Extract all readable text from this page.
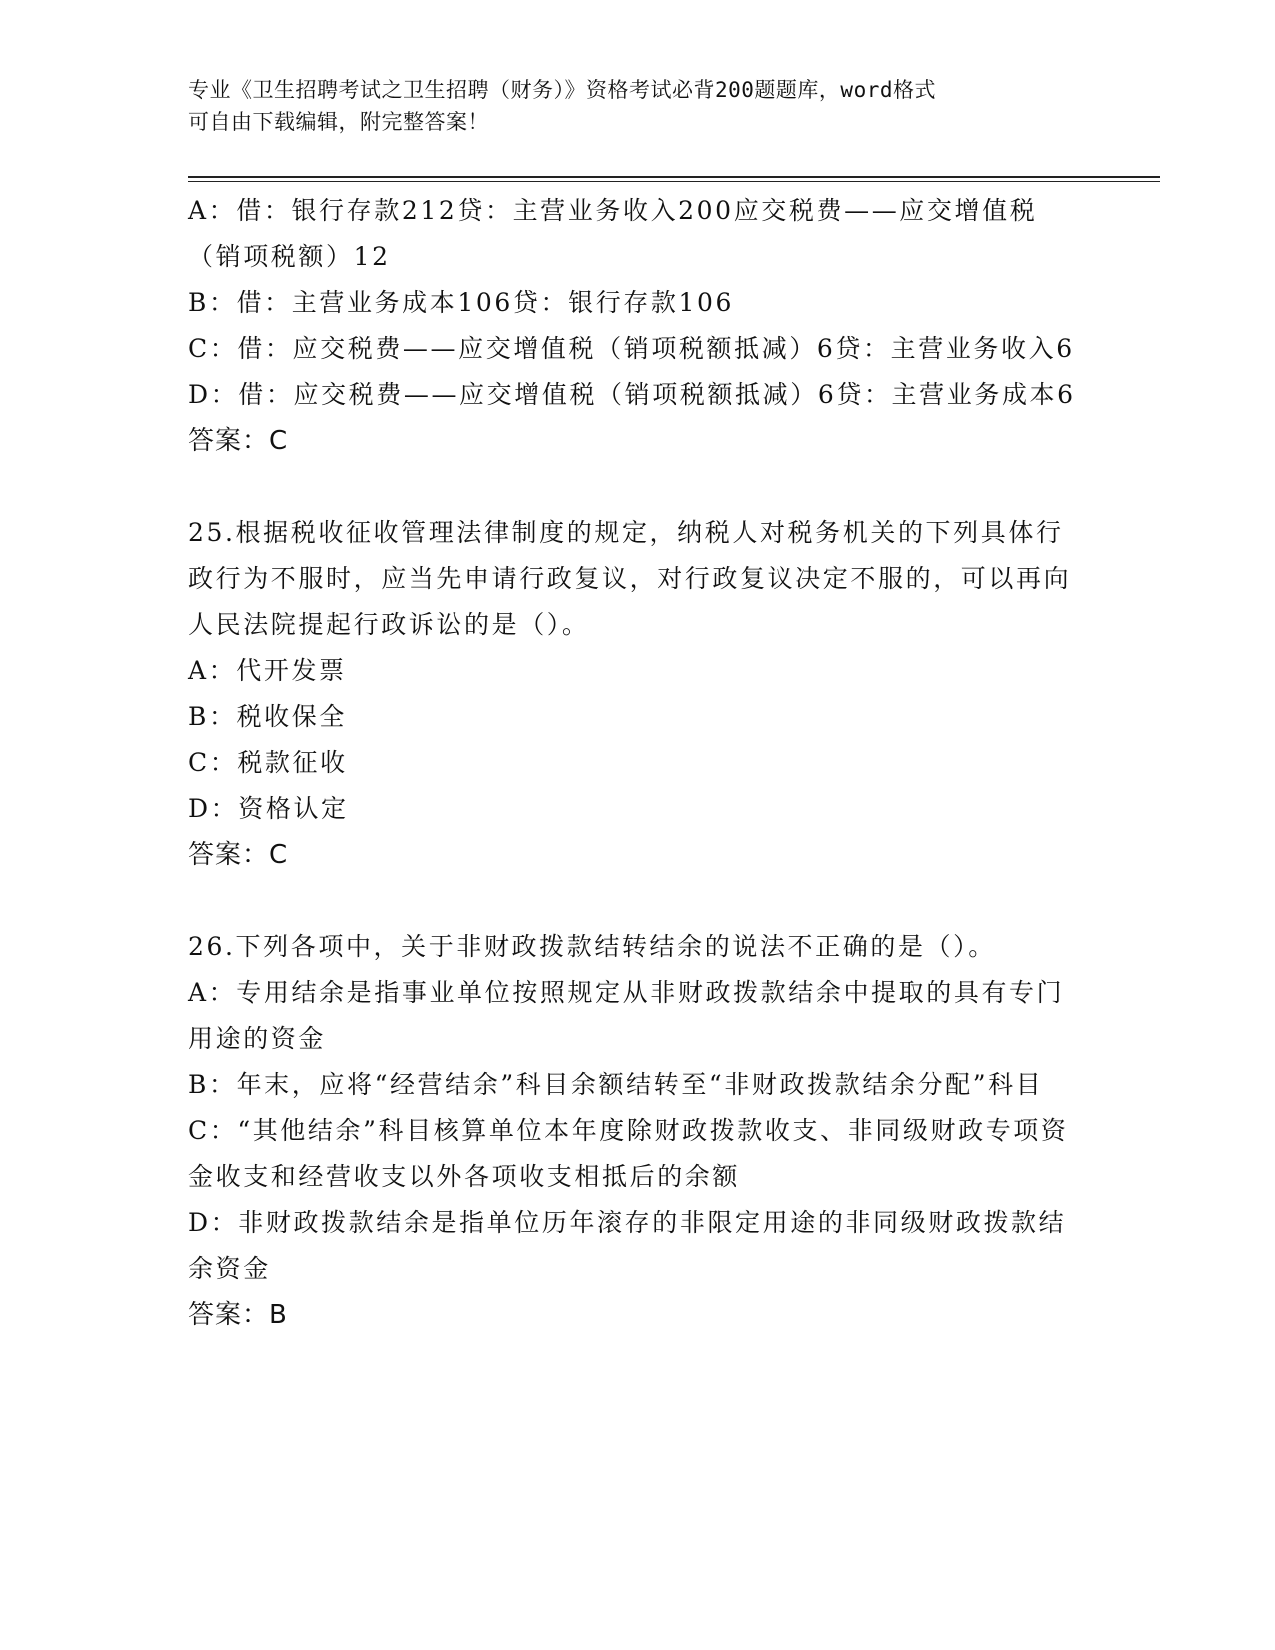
专业《卫生招聘考试之卫生招聘（财务）》资格考试必背200题题库，word格式
可自由下载编辑，附完整答案！

A：借：银行存款212贷：主营业务收入200应交税费——应交增值税（销项税额）12

B：借：主营业务成本106贷：银行存款106

C：借：应交税费——应交增值税（销项税额抵减）6贷：主营业务收入6

D：借：应交税费——应交增值税（销项税额抵减）6贷：主营业务成本6

答案：C

25.根据税收征收管理法律制度的规定，纳税人对税务机关的下列具体行政行为不服时，应当先申请行政复议，对行政复议决定不服的，可以再向人民法院提起行政诉讼的是（）。

A：代开发票

B：税收保全

C：税款征收

D：资格认定

答案：C

26.下列各项中，关于非财政拨款结转结余的说法不正确的是（）。

A：专用结余是指事业单位按照规定从非财政拨款结余中提取的具有专门用途的资金

B：年末，应将“经营结余”科目余额结转至“非财政拨款结余分配”科目

C：“其他结余”科目核算单位本年度除财政拨款收支、非同级财政专项资金收支和经营收支以外各项收支相抵后的余额

D：非财政拨款结余是指单位历年滚存的非限定用途的非同级财政拨款结余资金

答案：B
